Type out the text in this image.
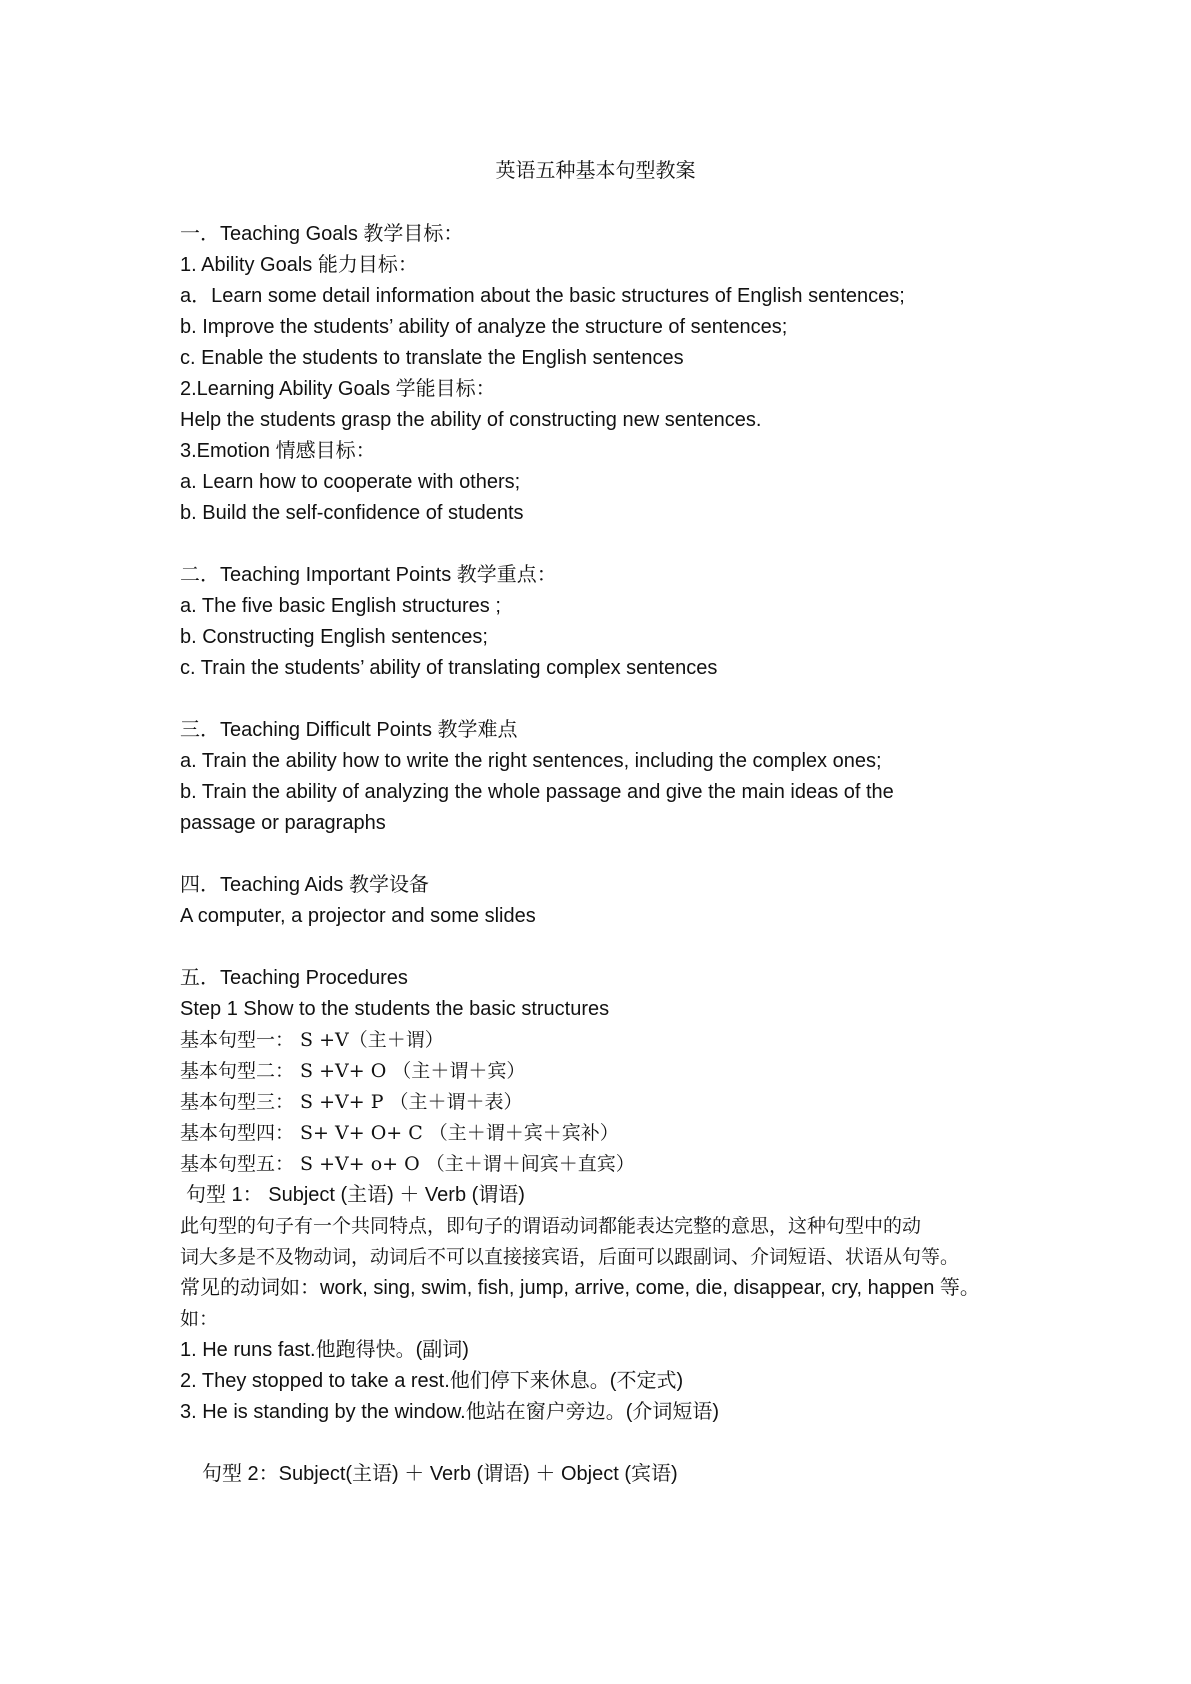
英语五种基本句型教案
一．Teaching Goals 教学目标：
1. Ability Goals 能力目标：
a．Learn some detail information about the basic structures of English sentences;
b. Improve the students’ ability of analyze the structure of sentences;
c. Enable the students to translate the English sentences
2.Learning Ability Goals 学能目标：
Help the students grasp the ability of constructing new sentences.
3.Emotion 情感目标：
a. Learn how to cooperate with others;
b. Build the self-confidence of students
二．Teaching Important Points 教学重点：
a. The five basic English structures ;
b. Constructing English sentences;
c. Train the students’ ability of translating complex sentences
三．Teaching Difficult Points 教学难点
a. Train the ability how to write the right sentences, including the complex ones;
b. Train the ability of analyzing the whole passage and give the main ideas of the
passage or paragraphs
四．Teaching Aids 教学设备
A computer, a projector and some slides
五．Teaching Procedures
Step 1 Show to the students the basic structures
基本句型一： S +V（主＋谓）
基本句型二： S +V+ O （主＋谓＋宾）
基本句型三： S +V+ P （主＋谓＋表）
基本句型四： S+ V+ O+ C （主＋谓＋宾＋宾补）
基本句型五： S +V+ o+ O （主＋谓＋间宾＋直宾）
句型 1： Subject (主语) ＋ Verb (谓语)
此句型的句子有一个共同特点，即句子的谓语动词都能表达完整的意思，这种句型中的动
词大多是不及物动词，动词后不可以直接接宾语，后面可以跟副词、介词短语、状语从句等。
常见的动词如：work, sing, swim, fish, jump, arrive, come, die, disappear, cry, happen 等。
如：
1. He runs fast.他跑得快。(副词)
2. They stopped to take a rest.他们停下来休息。(不定式)
3. He is standing by the window.他站在窗户旁边。(介词短语)
句型 2：Subject(主语) ＋ Verb (谓语) ＋ Object (宾语)
